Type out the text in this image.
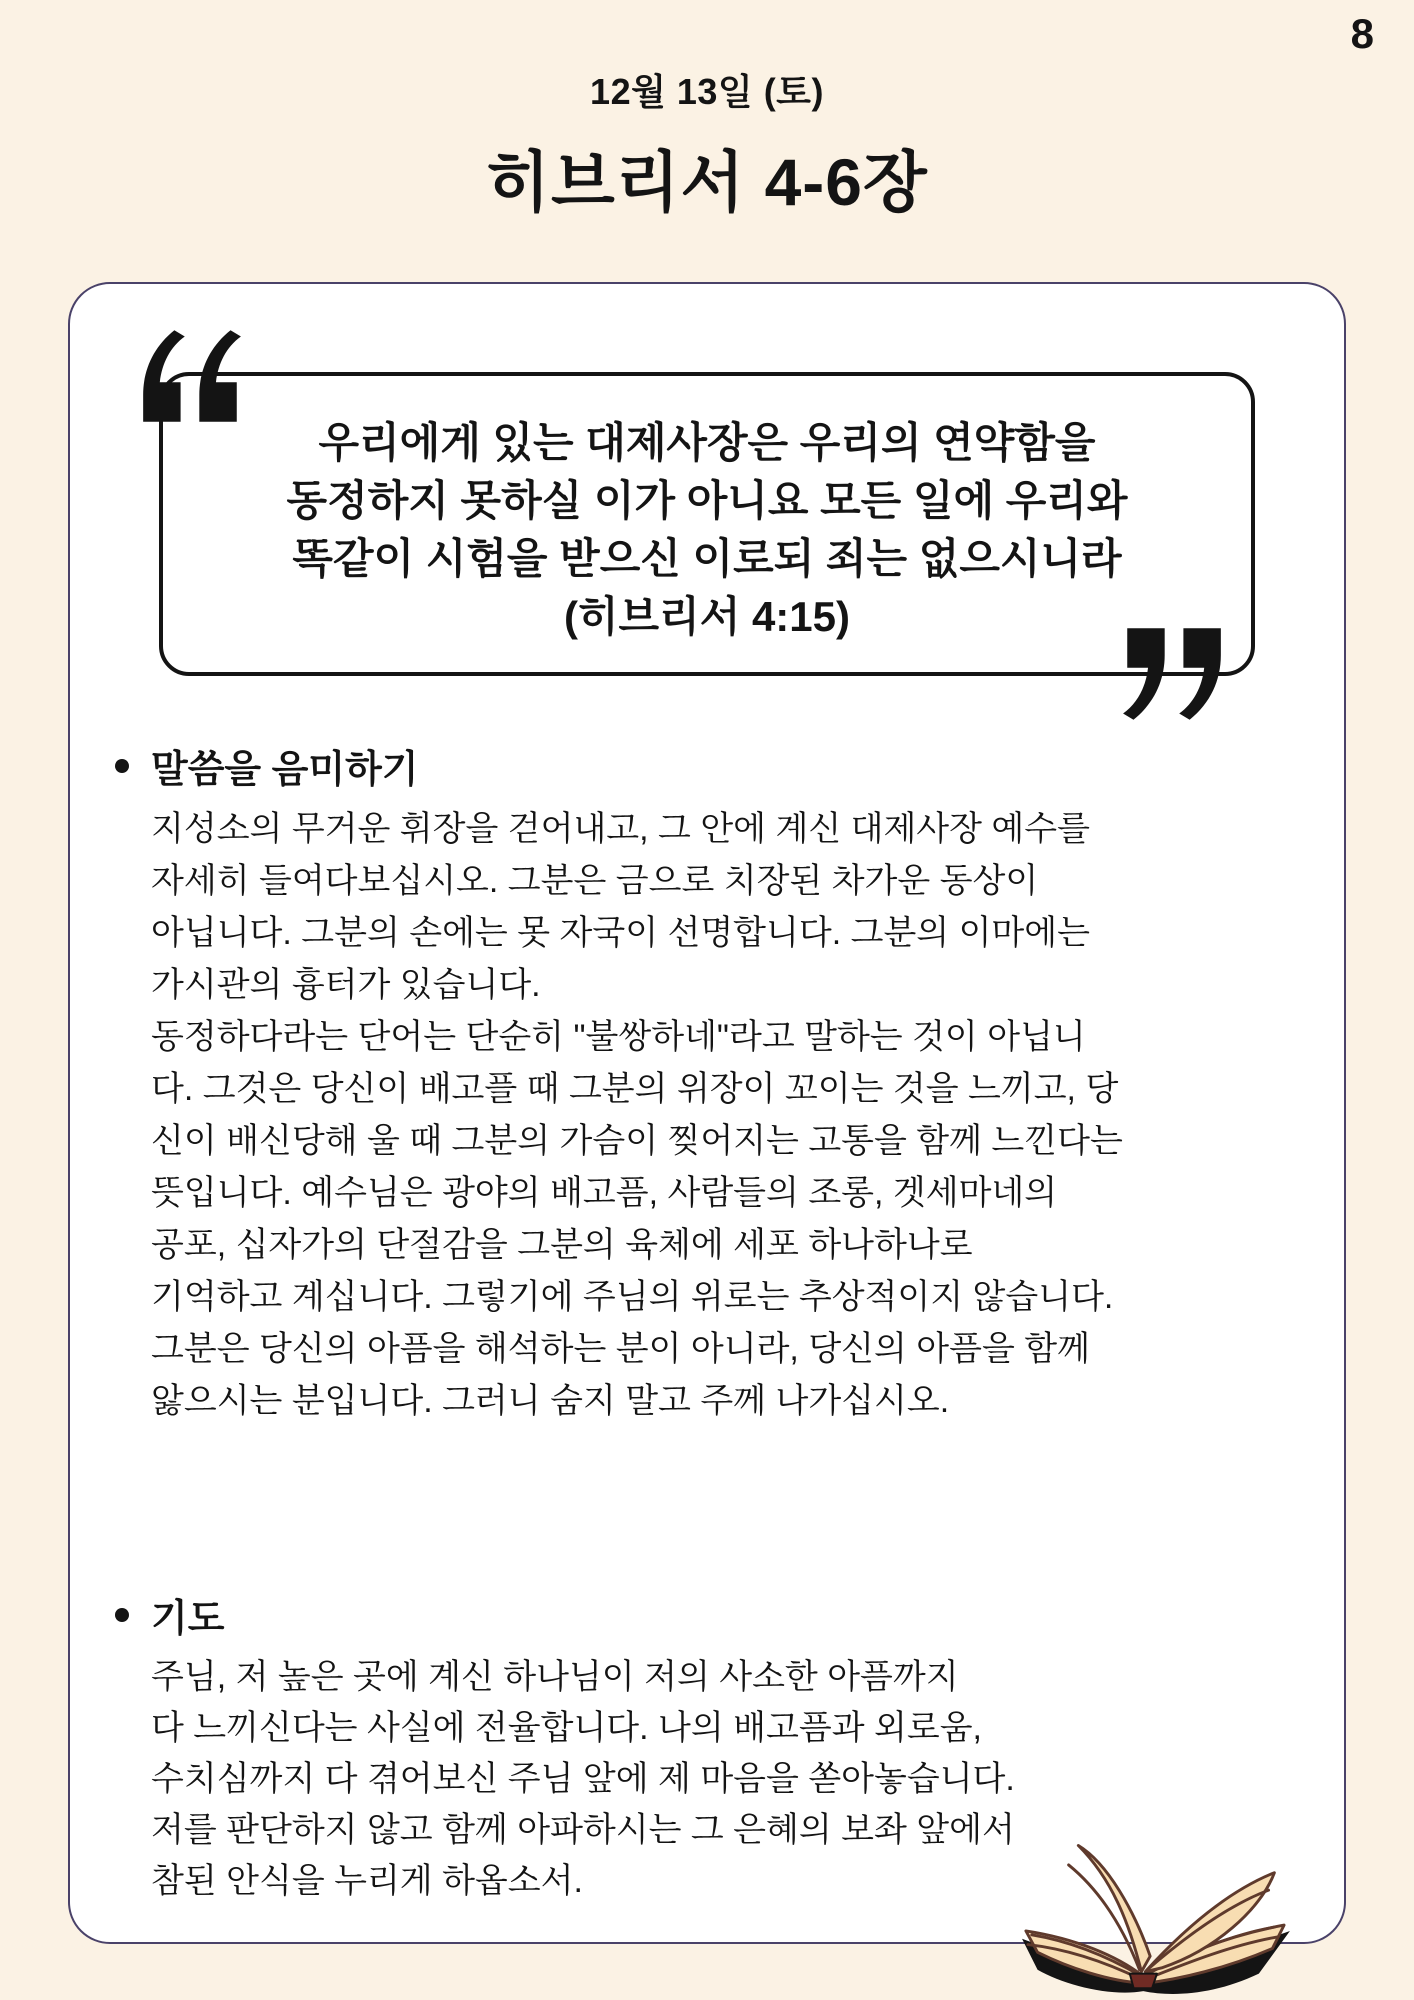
8
12월 13일 (토)
히브리서 4-6장
우리에게 있는 대제사장은 우리의 연약함을
동정하지 못하실 이가 아니요 모든 일에 우리와
똑같이 시험을 받으신 이로되 죄는 없으시니라
(히브리서 4:15)
말씀을 음미하기
지성소의 무거운 휘장을 걷어내고, 그 안에 계신 대제사장 예수를
자세히 들여다보십시오. 그분은 금으로 치장된 차가운 동상이
아닙니다. 그분의 손에는 못 자국이 선명합니다. 그분의 이마에는
가시관의 흉터가 있습니다.
동정하다라는 단어는 단순히 "불쌍하네"라고 말하는 것이 아닙니
다. 그것은 당신이 배고플 때 그분의 위장이 꼬이는 것을 느끼고, 당
신이 배신당해 울 때 그분의 가슴이 찢어지는 고통을 함께 느낀다는
뜻입니다. 예수님은 광야의 배고픔, 사람들의 조롱, 겟세마네의
공포, 십자가의 단절감을 그분의 육체에 세포 하나하나로
기억하고 계십니다. 그렇기에 주님의 위로는 추상적이지 않습니다.
그분은 당신의 아픔을 해석하는 분이 아니라, 당신의 아픔을 함께
앓으시는 분입니다. 그러니 숨지 말고 주께 나가십시오.
기도
주님, 저 높은 곳에 계신 하나님이 저의 사소한 아픔까지
다 느끼신다는 사실에 전율합니다. 나의 배고픔과 외로움,
수치심까지 다 겪어보신 주님 앞에 제 마음을 쏟아놓습니다.
저를 판단하지 않고 함께 아파하시는 그 은혜의 보좌 앞에서
참된 안식을 누리게 하옵소서.
